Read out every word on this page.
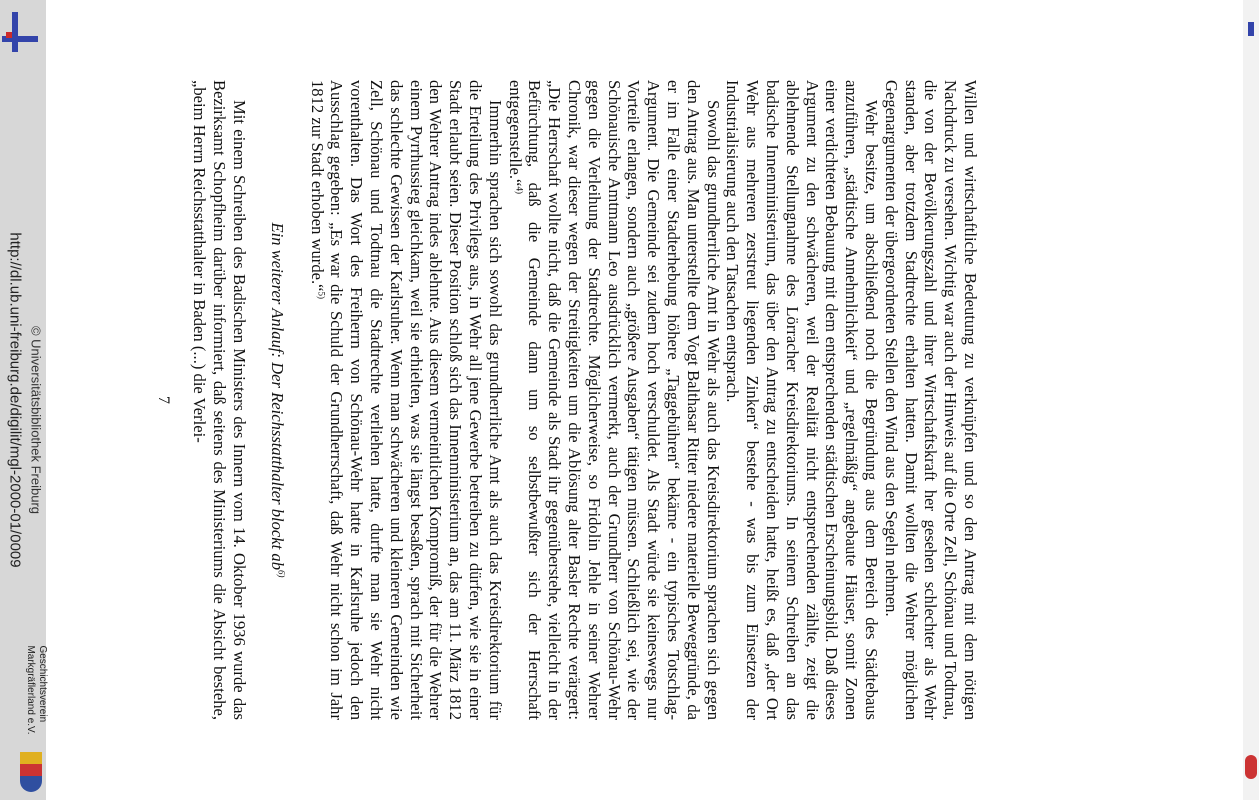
http://dl.ub.uni-freiburg.de/digilit/mgl-2000-01/0009 © Universitätsbibliothek Freiburg
Geschichtsverein
Markgräflerland e.V.	Willen und wirtschaftliche Bedeutung zu verknüpfen und so den Antrag mit dem nötigen Nachdruck zu versehen. Wichtig war auch der Hinweis auf die Orte Zell, Schönau und Todtnau, die von der Bevölkerungszahl und ihrer Wirtschaftskraft her gesehen schlechter als Wehr standen, aber trotzdem Stadtrechte erhalten hatten. Damit wollten die Wehrer möglichen Gegenargumenten der übergeordneten Stellen den Wind aus den Segeln nehmen.

Wehr besitze, um abschließend noch die Begründung aus dem Bereich des Städtebaus anzuführen, „städtische Annehmlichkeit“ und „regelmäßig“ angebaute Häuser, somit Zonen einer verdichteten Bebauung mit dem entsprechenden städtischen Erscheinungsbild. Daß dieses Argument zu den schwächeren, weil der Realität nicht entsprechenden zählte, zeigt die ablehnende Stellungnahme des Lörracher Kreisdirektoriums. In seinem Schreiben an das badische Innenministerium, das über den Antrag zu entscheiden hatte, heißt es, daß „der Ort Wehr aus mehreren zerstreut liegenden Zinken“ bestehe - was bis zum Einsetzen der Industrialisierung auch den Tatsachen entsprach.

Sowohl das grundherrliche Amt in Wehr als auch das Kreisdirektorium sprachen sich gegen den Antrag aus. Man unterstellte dem Vogt Balthasar Ritter niedere materielle Beweggründe, da er im Falle einer Stadterhebung höhere „Taggebühren“ bekäme - ein typisches Totschlag-Argument. Die Gemeinde sei zudem hoch verschuldet. Als Stadt würde sie keineswegs nur Vorteile erlangen, sondern auch „größere Ausgaben“ tätigen müssen. Schließlich sei, wie der Schönauische Amtmann Leo ausdrücklich vermerkt, auch der Grundherr von Schönau-Wehr gegen die Verleihung der Stadtrechte. Möglicherweise, so Fridolin Jehle in seiner Wehrer Chronik, war dieser wegen der Streitigkeiten um die Ablösung alter Basler Rechte verärgert: „Die Herrschaft wollte nicht, daß die Gemeinde als Stadt ihr gegenüberstehe, vielleicht in der Befürchtung, daß die Gemeinde dann um so selbstbewußter sich der Herrschaft entgegenstelle.“$^{4)}$

Immerhin sprachen sich sowohl das grundherrliche Amt als auch das Kreisdirektorium für die Erteilung des Privilegs aus, in Wehr all jene Gewerbe betreiben zu dürfen, wie sie in einer Stadt erlaubt seien. Dieser Position schloß sich das Innenministerium an, das am 11. März 1812 den Wehrer Antrag indes ablehnte. Aus diesem vermeintlichen Kompromiß, der für die Wehrer einem Pyrrhussieg gleichkam, weil sie erhielten, was sie längst besaßen, sprach mit Sicherheit das schlechte Gewissen der Karlsruher. Wenn man schwächeren und kleineren Gemeinden wie Zell, Schönau und Todtnau die Stadtrechte verliehen hatte, durfte man sie Wehr nicht vorenthalten. Das Wort des Freiherrn von Schönau-Wehr hatte in Karlsruhe jedoch den Ausschlag gegeben: „Es war die Schuld der Grundherrschaft, daß Wehr nicht schon im Jahr 1812 zur Stadt erhoben wurde.“$^{5)}$

Ein weiterer Anlauf: Der Reichsstatthalter blockt $ab^{6)}$

Mit einem Schreiben des Badischen Ministers des Innern vom 14. Oktober 1936 wurde das Bezirksamt Schopfheim darüber informiert, daß seitens des Ministeriums die Absicht bestehe, „beim Herrn Reichsstatthalter in Baden (...) die Verlei-

7
